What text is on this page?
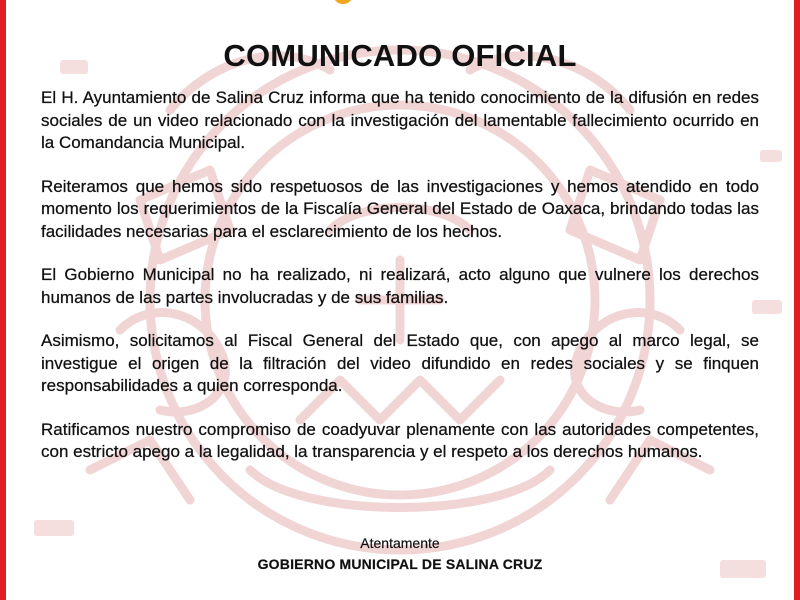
COMUNICADO OFICIAL

El H. Ayuntamiento de Salina Cruz informa que ha tenido conocimiento de la difusión en redes sociales de un video relacionado con la investigación del lamentable fallecimiento ocurrido en la Comandancia Municipal.

Reiteramos que hemos sido respetuosos de las investigaciones y hemos atendido en todo momento los requerimientos de la Fiscalía General del Estado de Oaxaca, brindando todas las facilidades necesarias para el esclarecimiento de los hechos.

El Gobierno Municipal no ha realizado, ni realizará, acto alguno que vulnere los derechos humanos de las partes involucradas y de sus familias.

Asimismo, solicitamos al Fiscal General del Estado que, con apego al marco legal, se investigue el origen de la filtración del video difundido en redes sociales y se finquen responsabilidades a quien corresponda.

Ratificamos nuestro compromiso de coadyuvar plenamente con las autoridades competentes, con estricto apego a la legalidad, la transparencia y el respeto a los derechos humanos.

Atentamente
GOBIERNO MUNICIPAL DE SALINA CRUZ
